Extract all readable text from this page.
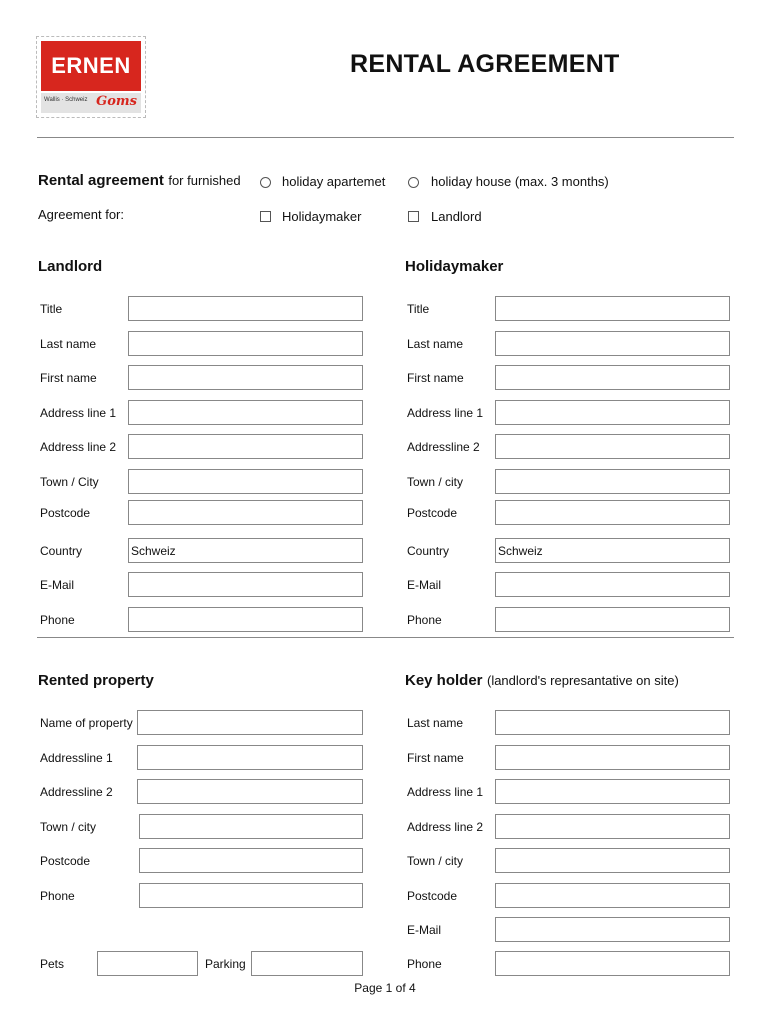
ERNEN
Wallis · Schweiz Goms
RENTAL AGREEMENT
Rental agreement for furnished	holiday apartemet	holiday house (max. 3 months)
Agreement for:	Holidaymaker	Landlord
Landlord	Holidaymaker
Title
Last name
First name
Address line 1
Address line 2
Town / City
Postcode
Country	Schweiz
E-Mail
Phone
Title
Last name
First name
Address line 1
Addressline 2
Town / city
Postcode
Country	Schweiz
E-Mail
Phone
Rented property	Key holder (landlord's represantative on site)
Name of property
Addressline 1
Addressline 2
Town / city
Postcode
Phone
Last name
First name
Address line 1
Address line 2
Town / city
Postcode
E-Mail
Phone
Pets	Parking
Page 1 of 4
